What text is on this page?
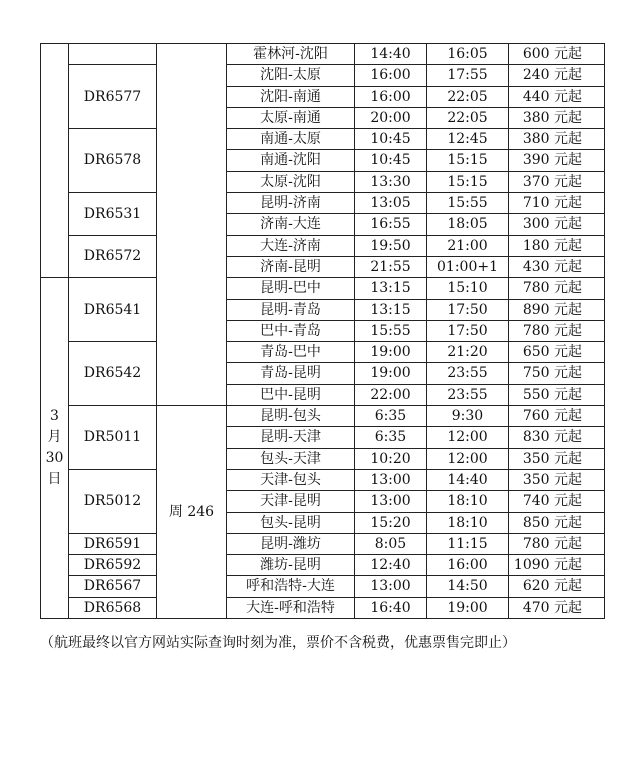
			霍林河-沈阳	14:40	16:05	600 元起
	DR6577		沈阳-太原	16:00	17:55	240 元起
			沈阳-南通	16:00	22:05	440 元起
			太原-南通	20:00	22:05	380 元起
	DR6578		南通-太原	10:45	12:45	380 元起
			南通-沈阳	10:45	15:15	390 元起
			太原-沈阳	13:30	15:15	370 元起
	DR6531		昆明-济南	13:05	15:55	710 元起
			济南-大连	16:55	18:05	300 元起
	DR6572		大连-济南	19:50	21:00	180 元起
			济南-昆明	21:55	01:00+1	430 元起

3
月
30
日	DR6541		昆明-巴中	13:15	15:10	780 元起
			昆明-青岛	13:15	17:50	890 元起
			巴中-青岛	15:55	17:50	780 元起
	DR6542		青岛-巴中	19:00	21:20	650 元起
			青岛-昆明	19:00	23:55	750 元起
			巴中-昆明	22:00	23:55	550 元起
	DR5011	周 246	昆明-包头	6:35	9:30	760 元起
			昆明-天津	6:35	12:00	830 元起
			包头-天津	10:20	12:00	350 元起
	DR5012		天津-包头	13:00	14:40	350 元起
			天津-昆明	13:00	18:10	740 元起
			包头-昆明	15:20	18:10	850 元起
	DR6591		昆明-潍坊	8:05	11:15	780 元起
	DR6592		潍坊-昆明	12:40	16:00	1090 元起
	DR6567		呼和浩特-大连	13:00	14:50	620 元起
	DR6568		大连-呼和浩特	16:40	19:00	470 元起
（航班最终以官方网站实际查询时刻为准，票价不含税费，优惠票售完即止）
